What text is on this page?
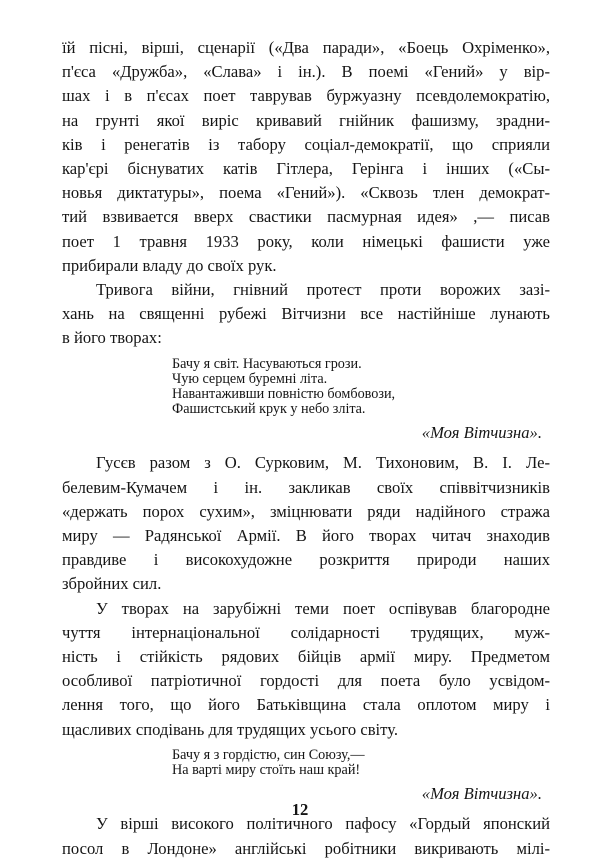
їй пісні, вірші, сценарії («Два паради», «Боець Охріменко»,
п'єса «Дружба», «Слава» і ін.). В поемі «Гений» у вір-
шах і в п'єсах поет таврував буржуазну псевдолемократію,
на грунті якої виріс кривавий гнійник фашизму, зрадни-
ків і ренегатів із табору соціал-демократії, що сприяли
кар'єрі біснуватих катів Гітлера, Герінга і інших («Сы-
новья диктатуры», поема «Гений»). «Сквозь тлен демократ-
тий взвивается вверх свастики пасмурная идея» ,— писав
поет 1 травня 1933 року, коли німецькі фашисти уже
прибирали владу до своїх рук.
Тривога війни, гнівний протест проти ворожих зазі-
хань на священні рубежі Вітчизни все настійніше лунають
в його творах:
Бачу я світ. Насуваються грози.
Чую серцем буремні літа.
Навантаживши повністю бомбовози,
Фашистський крук у небо злітa.
«Моя Вітчизна».
Гусєв разом з О. Сурковим, М. Тихоновим, В. І. Ле-
белевим-Кумачем і ін. закликав своїх співвітчизників
«держать порох сухим», зміцнювати ряди надійного стража
миру — Радянської Армії. В його творах читач знаходив
правдиве і високохудожне розкриття природи наших
збройних сил.
У творах на зарубіжні теми поет оспівував благородне
чуття інтернаціональної солідарності трудящих, муж-
ність і стійкість рядових бійців армії миру. Предметом
особливої патріотичної гордості для поета було усвідом-
лення того, що його Батьківщина стала оплотом миру і
щасливих сподівань для трудящих усього світу.
Бачу я з гордістю, син Союзу,—
На варті миру стоїть наш край!
«Моя Вітчизна».
У вірші високого політичного пафосу «Гордый японский
посол в Лондоне» англійські робітники викривають мілі-
12
